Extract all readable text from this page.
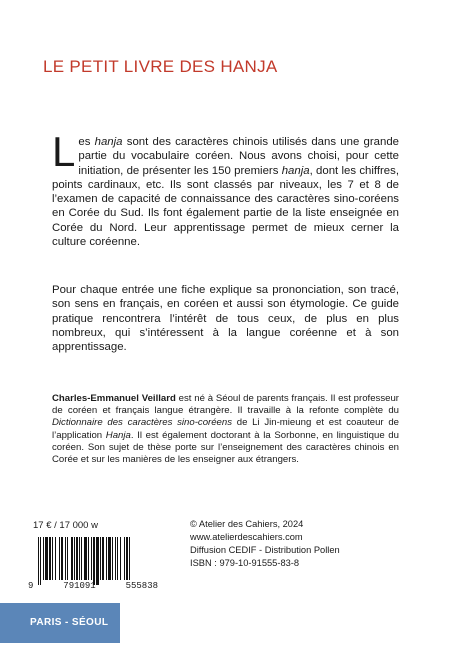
LE PETIT LIVRE DES HANJA
Les hanja sont des caractères chinois utilisés dans une grande partie du vocabulaire coréen. Nous avons choisi, pour cette initiation, de présenter les 150 premiers hanja, dont les chiffres, points cardinaux, etc. Ils sont classés par niveaux, les 7 et 8 de l’examen de capacité de connaissance des caractères sino-coréens en Corée du Sud. Ils font également partie de la liste enseignée en Corée du Nord. Leur apprentissage permet de mieux cerner la culture coréenne.
Pour chaque entrée une fiche explique sa prononciation, son tracé, son sens en français, en coréen et aussi son étymologie. Ce guide pratique rencontrera l’intérêt de tous ceux, de plus en plus nombreux, qui s’intéressent à la langue coréenne et à son apprentissage.
Charles-Emmanuel Veillard est né à Séoul de parents français. Il est professeur de coréen et français langue étrangère. Il travaille à la refonte complète du Dictionnaire des caractères sino-coréens de Li Jin-mieung et est coauteur de l’application Hanja. Il est également doctorant à la Sorbonne, en linguistique du coréen. Son sujet de thèse porte sur l’enseignement des caractères chinois en Corée et sur les manières de les enseigner aux étrangers.
17 € / 17 000 w
9	791091	555838
© Atelier des Cahiers, 2024
www.atelierdescahiers.com
Diffusion CEDIF - Distribution Pollen
ISBN : 979-10-91555-83-8
PARIS - SÉOUL
